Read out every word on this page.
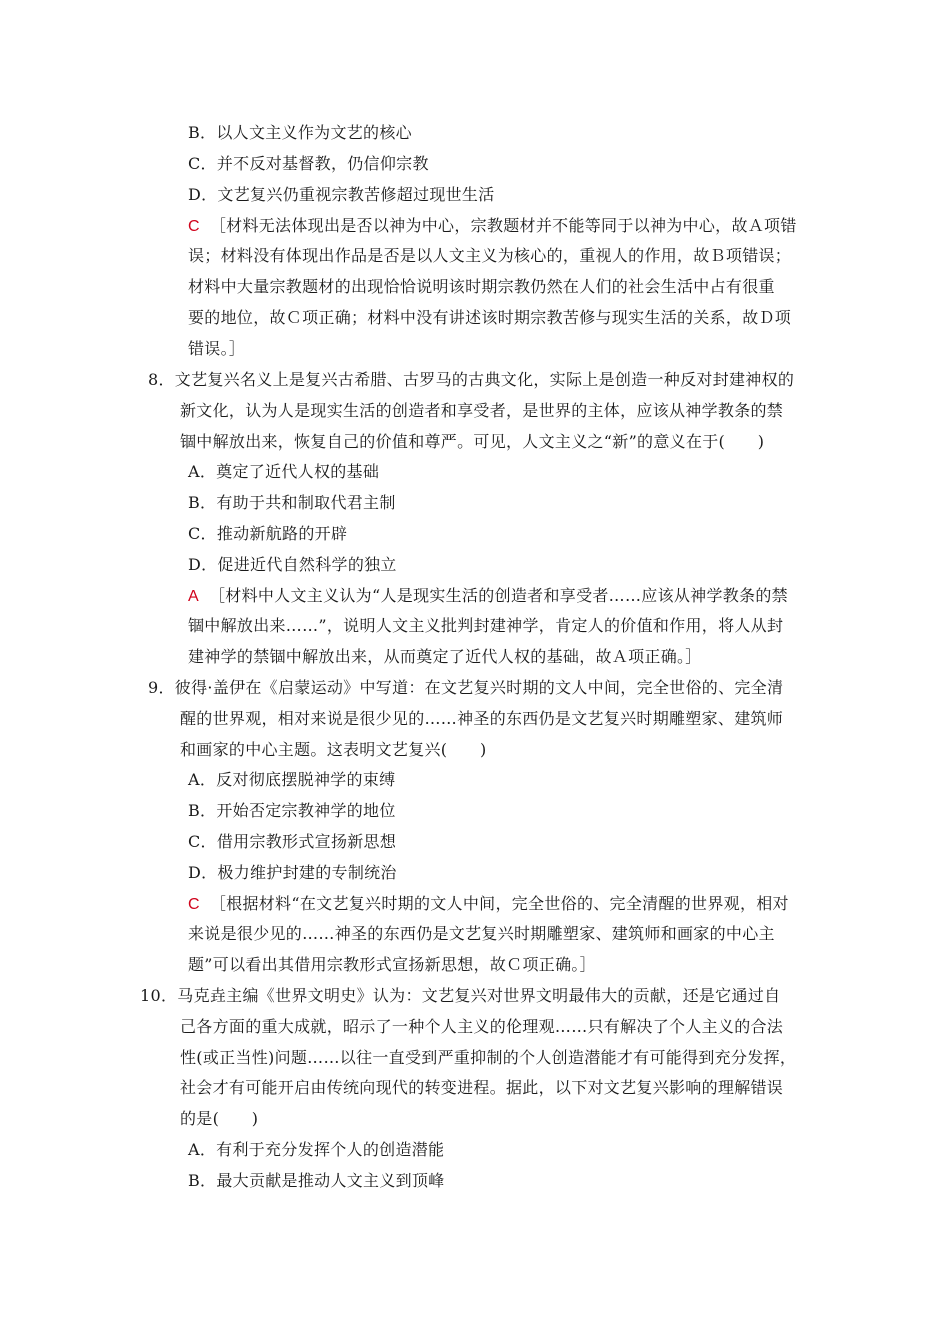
B．以人文主义作为文艺的核心
C．并不反对基督教，仍信仰宗教
D．文艺复兴仍重视宗教苦修超过现世生活
C ［材料无法体现出是否以神为中心，宗教题材并不能等同于以神为中心，故Ａ项错
误；材料没有体现出作品是否是以人文主义为核心的，重视人的作用，故Ｂ项错误；
材料中大量宗教题材的出现恰恰说明该时期宗教仍然在人们的社会生活中占有很重
要的地位，故Ｃ项正确；材料中没有讲述该时期宗教苦修与现实生活的关系，故Ｄ项
错误。］
8．文艺复兴名义上是复兴古希腊、古罗马的古典文化，实际上是创造一种反对封建神权的
新文化，认为人是现实生活的创造者和享受者，是世界的主体，应该从神学教条的禁
锢中解放出来，恢复自己的价值和尊严。可见，人文主义之“新”的意义在于(　　)
A．奠定了近代人权的基础
B．有助于共和制取代君主制
C．推动新航路的开辟
D．促进近代自然科学的独立
A ［材料中人文主义认为“人是现实生活的创造者和享受者……应该从神学教条的禁
锢中解放出来……”，说明人文主义批判封建神学，肯定人的价值和作用，将人从封
建神学的禁锢中解放出来，从而奠定了近代人权的基础，故Ａ项正确。］
9．彼得·盖伊在《启蒙运动》中写道：在文艺复兴时期的文人中间，完全世俗的、完全清
醒的世界观，相对来说是很少见的……神圣的东西仍是文艺复兴时期雕塑家、建筑师
和画家的中心主题。这表明文艺复兴(　　)
A．反对彻底摆脱神学的束缚
B．开始否定宗教神学的地位
C．借用宗教形式宣扬新思想
D．极力维护封建的专制统治
C ［根据材料“在文艺复兴时期的文人中间，完全世俗的、完全清醒的世界观，相对
来说是很少见的……神圣的东西仍是文艺复兴时期雕塑家、建筑师和画家的中心主
题”可以看出其借用宗教形式宣扬新思想，故Ｃ项正确。］
10．马克垚主编《世界文明史》认为：文艺复兴对世界文明最伟大的贡献，还是它通过自
己各方面的重大成就，昭示了一种个人主义的伦理观……只有解决了个人主义的合法
性(或正当性)问题……以往一直受到严重抑制的个人创造潜能才有可能得到充分发挥，
社会才有可能开启由传统向现代的转变进程。据此，以下对文艺复兴影响的理解错误
的是(　　)
A．有利于充分发挥个人的创造潜能
B．最大贡献是推动人文主义到顶峰
